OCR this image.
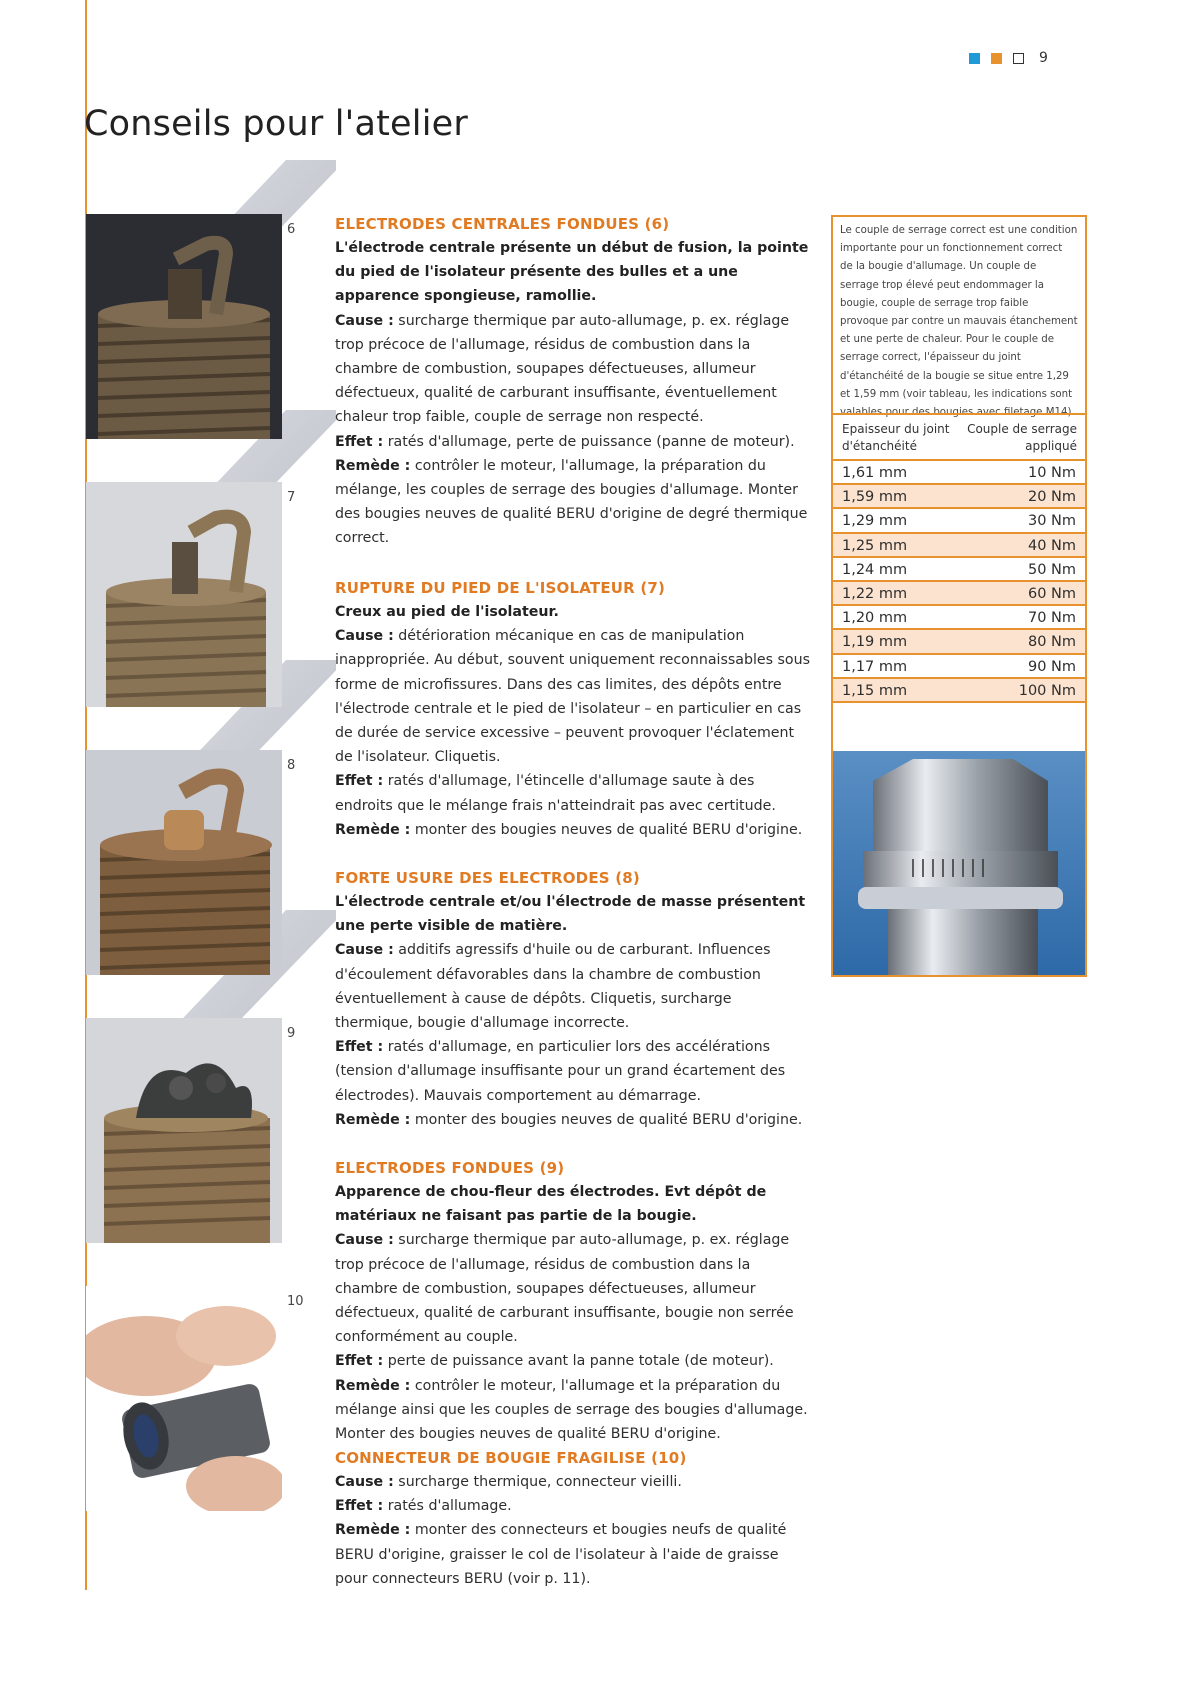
9
Conseils pour l'atelier
6
7
8
9
10
ELECTRODES CENTRALES FONDUES (6)

L'électrode centrale présente un début de fusion, la pointe du pied de l'isolateur présente des bulles et a une apparence spongieuse, ramollie.

Cause : surcharge thermique par auto-allumage, p. ex. réglage trop précoce de l'allumage, résidus de combustion dans la chambre de combustion, soupapes défectueuses, allumeur défectueux, qualité de carburant insuffisante, éventuellement chaleur trop faible, couple de serrage non respecté.

Effet : ratés d'allumage, perte de puissance (panne de moteur).

Remède : contrôler le moteur, l'allumage, la préparation du mélange, les couples de serrage des bougies d'allumage. Monter des bougies neuves de qualité BERU d'origine de degré thermique correct.

RUPTURE DU PIED DE L'ISOLATEUR (7)

Creux au pied de l'isolateur.

Cause : détérioration mécanique en cas de manipulation inappropriée. Au début, souvent uniquement reconnaissables sous forme de microfissures. Dans des cas limites, des dépôts entre l'électrode centrale et le pied de l'isolateur – en particulier en cas de durée de service excessive – peuvent provoquer l'éclatement de l'isolateur. Cliquetis.

Effet : ratés d'allumage, l'étincelle d'allumage saute à des endroits que le mélange frais n'atteindrait pas avec certitude.

Remède : monter des bougies neuves de qualité BERU d'origine.

FORTE USURE DES ELECTRODES (8)

L'électrode centrale et/ou l'électrode de masse présentent une perte visible de matière.

Cause : additifs agressifs d'huile ou de carburant. Influences d'écoulement défavorables dans la chambre de combustion éventuellement à cause de dépôts. Cliquetis, surcharge thermique, bougie d'allumage incorrecte.

Effet : ratés d'allumage, en particulier lors des accélérations (tension d'allumage insuffisante pour un grand écartement des électrodes). Mauvais comportement au démarrage.

Remède : monter des bougies neuves de qualité BERU d'origine.

ELECTRODES FONDUES (9)

Apparence de chou-fleur des électrodes. Evt dépôt de matériaux ne faisant pas partie de la bougie.

Cause : surcharge thermique par auto-allumage, p. ex. réglage trop précoce de l'allumage, résidus de combustion dans la chambre de combustion, soupapes défectueuses, allumeur défectueux, qualité de carburant insuffisante, bougie non serrée conformément au couple.

Effet : perte de puissance avant la panne totale (de moteur).

Remède : contrôler le moteur, l'allumage et la préparation du mélange ainsi que les couples de serrage des bougies d'allumage. Monter des bougies neuves de qualité BERU d'origine.

CONNECTEUR DE BOUGIE FRAGILISE (10)

Cause : surcharge thermique, connecteur vieilli.

Effet : ratés d'allumage.

Remède : monter des connecteurs et bougies neufs de qualité BERU d'origine, graisser le col de l'isolateur à l'aide de graisse pour connecteurs BERU (voir p. 11).

Le couple de serrage correct est une condition importante pour un fonctionnement correct de la bougie d'allumage. Un couple de serrage trop élevé peut endommager la bougie, couple de serrage trop faible provoque par contre un mauvais étanchement et une perte de chaleur. Pour le couple de serrage correct, l'épaisseur du joint d'étanchéité de la bougie se situe entre 1,29 et 1,59 mm (voir tableau, les indications sont valables pour des bougies avec filetage M14).
Epaisseur du joint d'étanchéité
Couple de serrage appliqué
1,61 mm	10 Nm
1,59 mm	20 Nm
1,29 mm	30 Nm
1,25 mm	40 Nm
1,24 mm	50 Nm
1,22 mm	60 Nm
1,20 mm	70 Nm
1,19 mm	80 Nm
1,17 mm	90 Nm
1,15 mm	100 Nm
